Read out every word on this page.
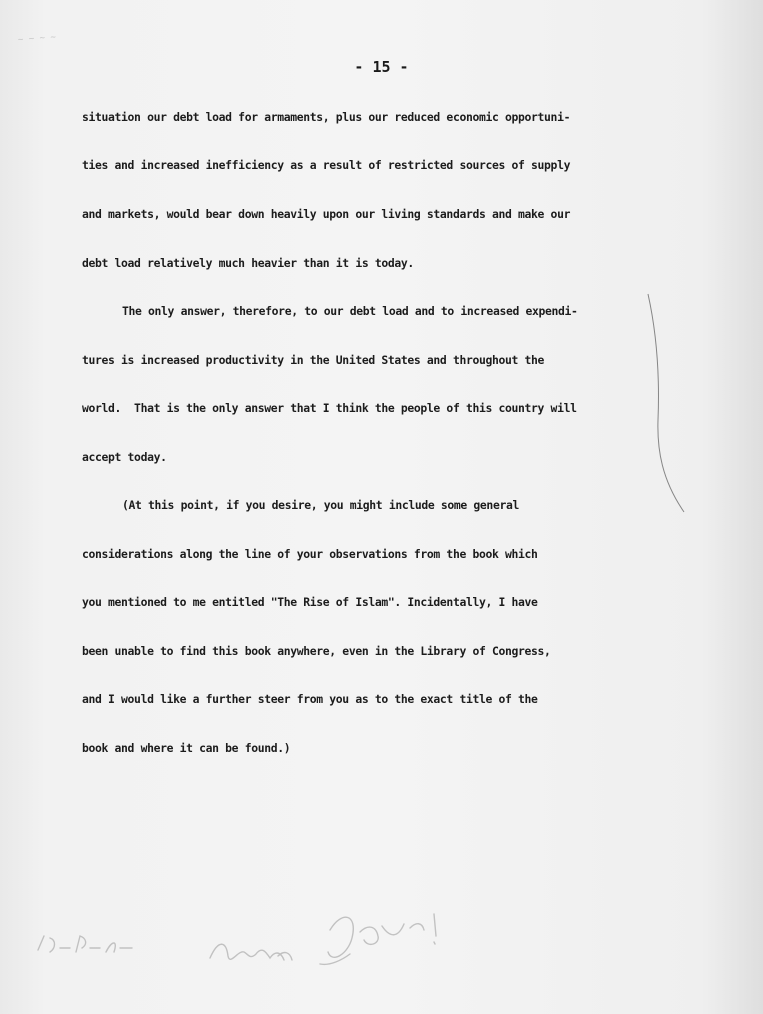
~ ~ ~ ~
- 15 -
situation our debt load for armaments, plus our reduced economic opportuni-
ties and increased inefficiency as a result of restricted sources of supply
and markets, would bear down heavily upon our living standards and make our
debt load relatively much heavier than it is today.
The only answer, therefore, to our debt load and to increased expendi-
tures is increased productivity in the United States and throughout the
world.  That is the only answer that I think the people of this country will
accept today.
(At this point, if you desire, you might include some general
considerations along the line of your observations from the book which
you mentioned to me entitled "The Rise of Islam". Incidentally, I have
been unable to find this book anywhere, even in the Library of Congress,
and I would like a further steer from you as to the exact title of the
book and where it can be found.)
